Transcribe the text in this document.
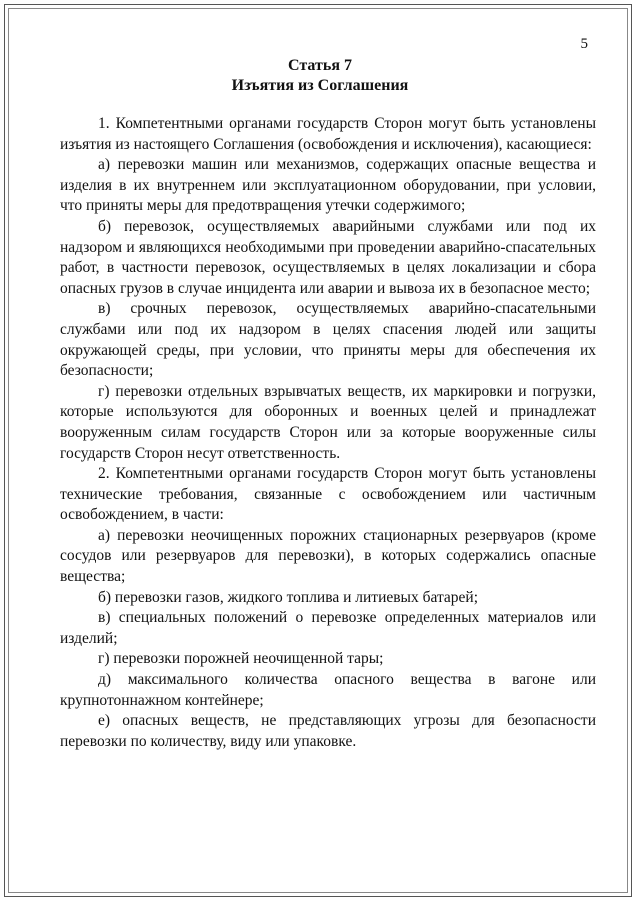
5
Статья 7
Изъятия из Соглашения

1. Компетентными органами государств Сторон могут быть установлены изъятия из настоящего Соглашения (освобождения и исключения), касающиеся:

а) перевозки машин или механизмов, содержащих опасные вещества и изделия в их внутреннем или эксплуатационном оборудовании, при условии, что приняты меры для предотвращения утечки содержимого;

б) перевозок, осуществляемых аварийными службами или под их надзором и являющихся необходимыми при проведении аварийно-спасательных работ, в частности перевозок, осуществляемых в целях локализации и сбора опасных грузов в случае инцидента или аварии и вывоза их в безопасное место;

в) срочных перевозок, осуществляемых аварийно-спасательными службами или под их надзором в целях спасения людей или защиты окружающей среды, при условии, что приняты меры для обеспечения их безопасности;

г) перевозки отдельных взрывчатых веществ, их маркировки и погрузки, которые используются для оборонных и военных целей и принадлежат вооруженным силам государств Сторон или за которые вооруженные силы государств Сторон несут ответственность.

2. Компетентными органами государств Сторон могут быть установлены технические требования, связанные с освобождением или частичным освобождением, в части:

а) перевозки неочищенных порожних стационарных резервуаров (кроме сосудов или резервуаров для перевозки), в которых содержались опасные вещества;

б) перевозки газов, жидкого топлива и литиевых батарей;

в) специальных положений о перевозке определенных материалов или изделий;

г) перевозки порожней неочищенной тары;

д) максимального количества опасного вещества в вагоне или крупнотоннажном контейнере;

е) опасных веществ, не представляющих угрозы для безопасности перевозки по количеству, виду или упаковке.
